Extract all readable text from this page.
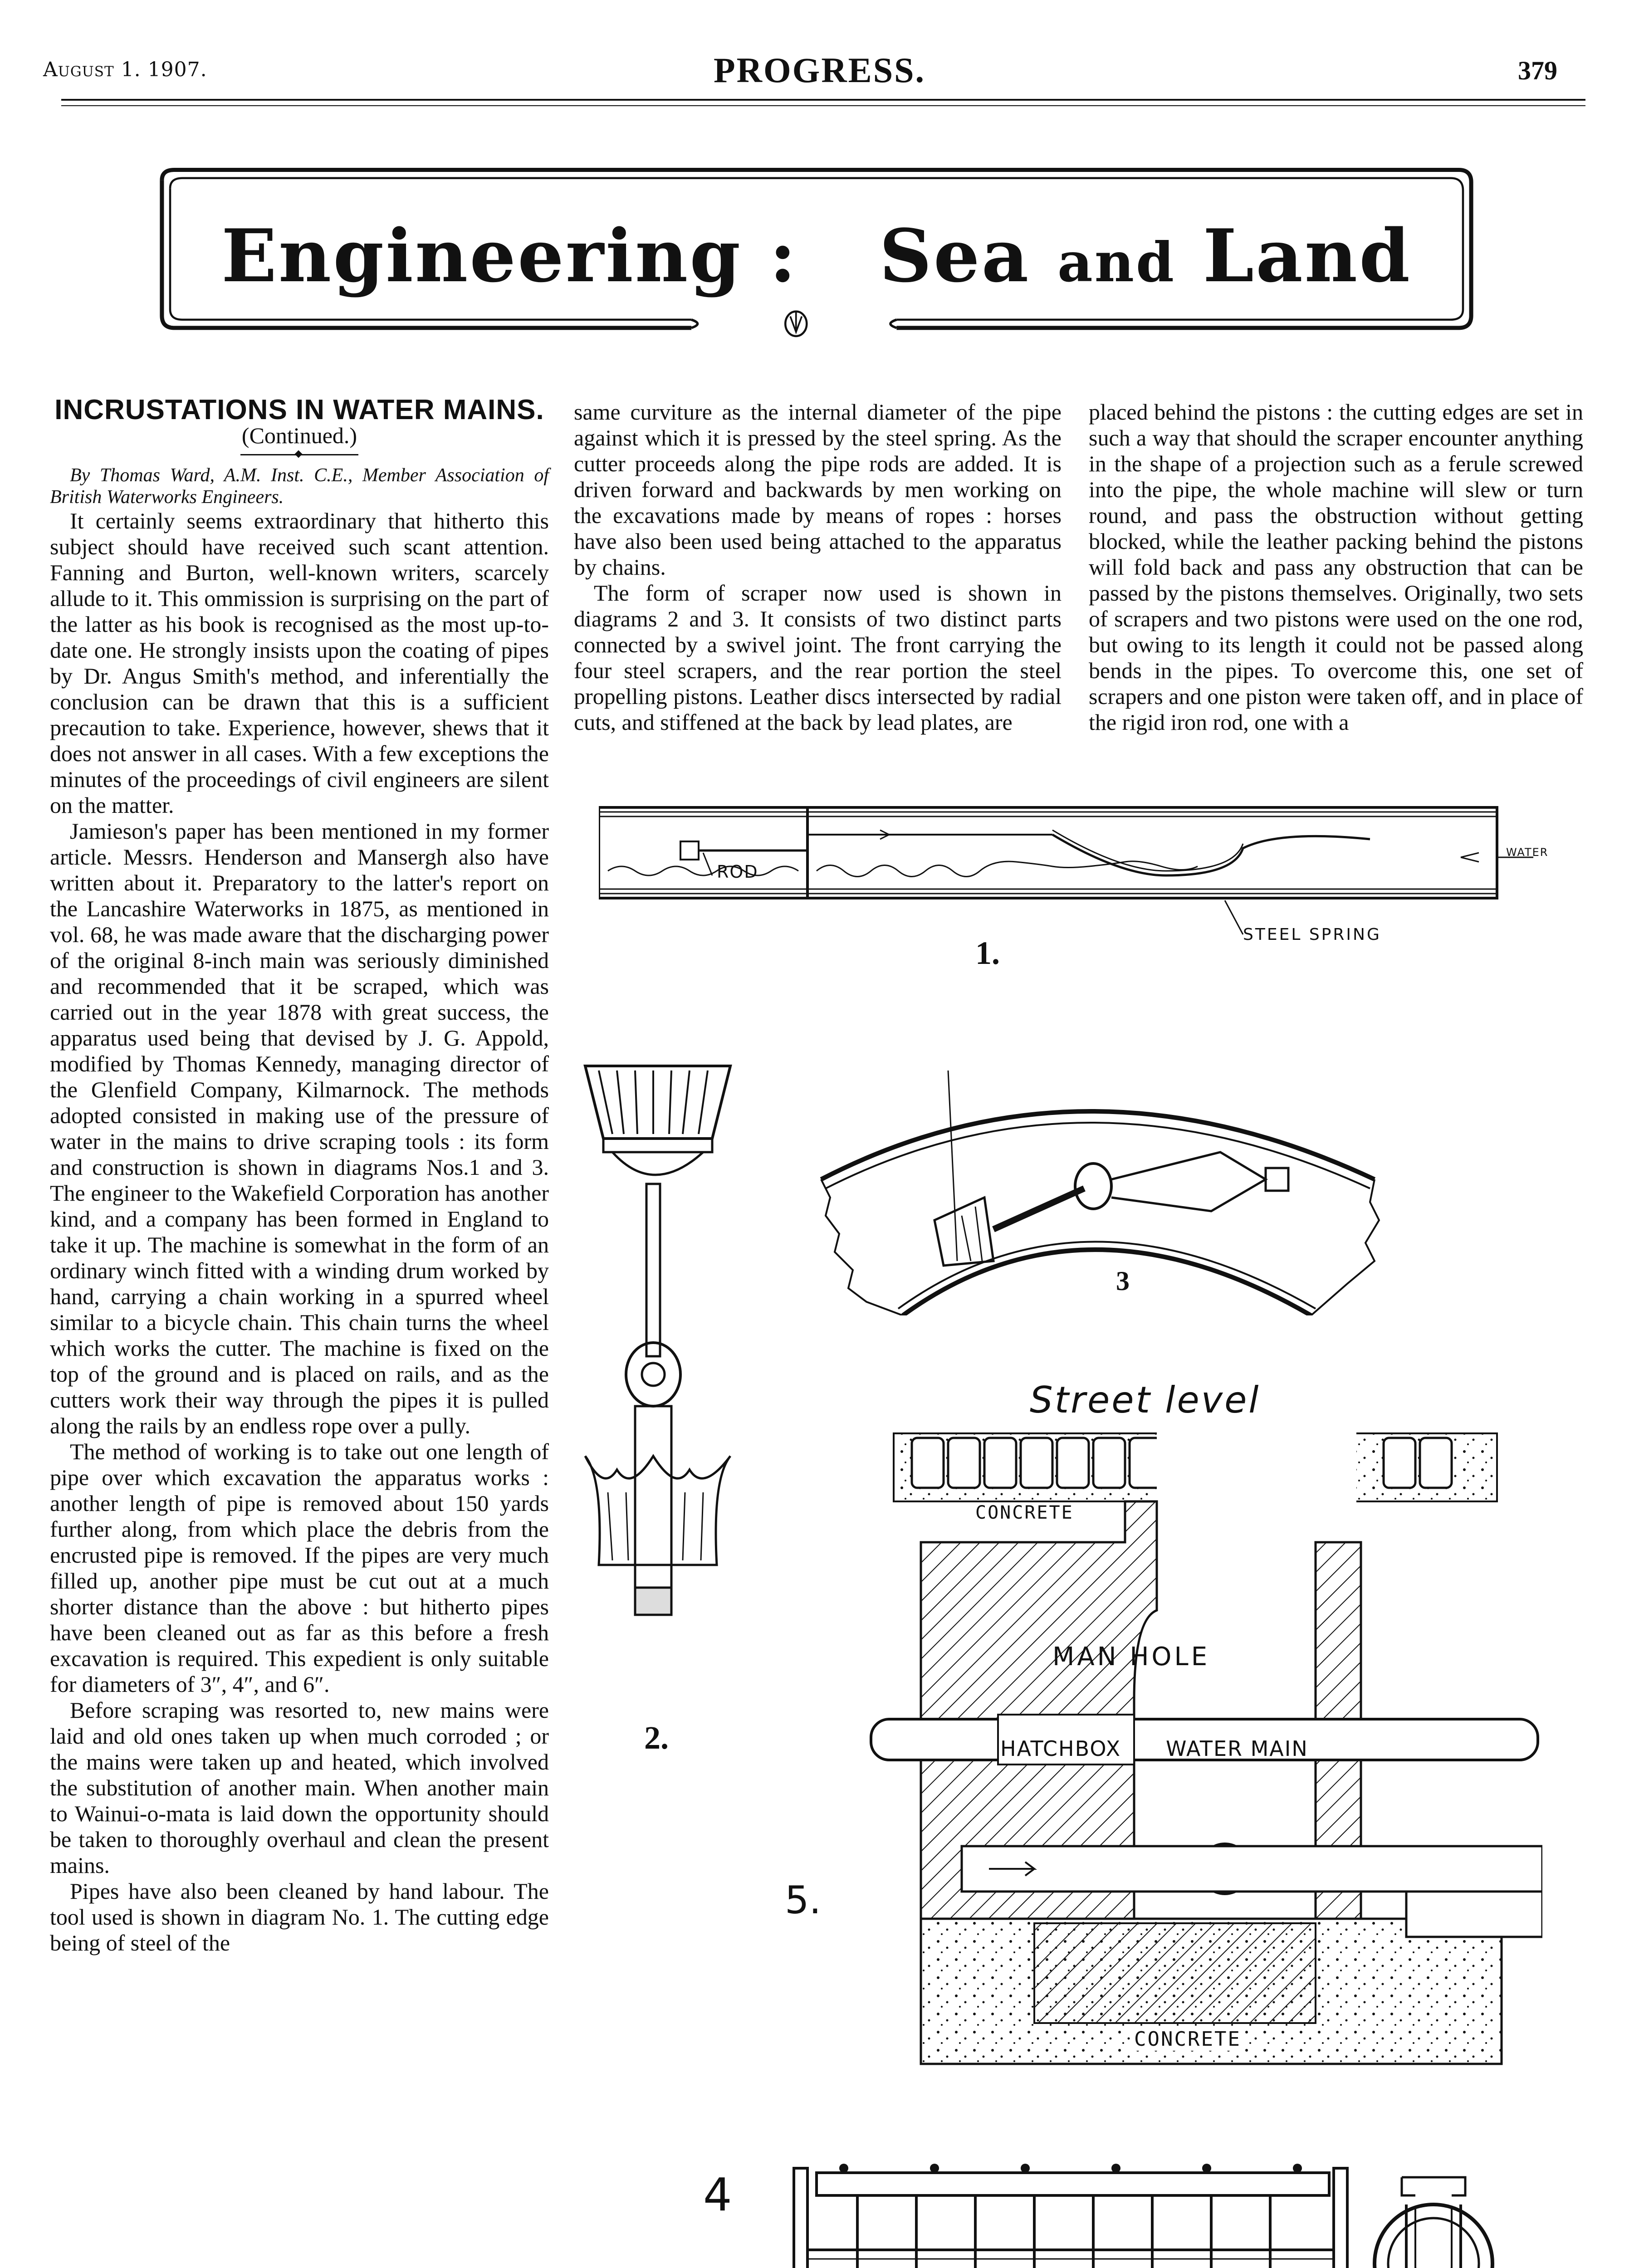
August 1. 1907.	PROGRESS.	379
Engineering : Sea and Land
INCRUSTATIONS IN WATER MAINS.

(Continued.)

By Thomas Ward, A.M. Inst. C.E., Member Association of British Waterworks Engineers.

It certainly seems extraordinary that hitherto this subject should have received such scant attention. Fanning and Burton, well-known writers, scarcely allude to it. This ommission is surprising on the part of the latter as his book is recognised as the most up-to-date one. He strongly insists upon the coating of pipes by Dr. Angus Smith's method, and inferentially the conclusion can be drawn that this is a sufficient precaution to take. Experience, however, shews that it does not answer in all cases. With a few exceptions the minutes of the proceedings of civil engineers are silent on the matter.

Jamieson's paper has been mentioned in my former article. Messrs. Henderson and Mansergh also have written about it. Preparatory to the latter's report on the Lancashire Waterworks in 1875, as mentioned in vol. 68, he was made aware that the discharging power of the original 8-inch main was seriously diminished and recommended that it be scraped, which was carried out in the year 1878 with great success, the apparatus used being that devised by J. G. Appold, modified by Thomas Kennedy, managing director of the Glenfield Company, Kilmarnock. The methods adopted consisted in making use of the pressure of water in the mains to drive scraping tools : its form and construction is shown in diagrams Nos.1 and 3. The engineer to the Wakefield Corporation has another kind, and a company has been formed in England to take it up. The machine is somewhat in the form of an ordinary winch fitted with a winding drum worked by hand, carrying a chain working in a spurred wheel similar to a bicycle chain. This chain turns the wheel which works the cutter. The machine is fixed on the top of the ground and is placed on rails, and as the cutters work their way through the pipes it is pulled along the rails by an endless rope over a pully.

The method of working is to take out one length of pipe over which excavation the apparatus works : another length of pipe is removed about 150 yards further along, from which place the debris from the encrusted pipe is removed. If the pipes are very much filled up, another pipe must be cut out at a much shorter distance than the above : but hitherto pipes have been cleaned out as far as this before a fresh excavation is required. This expedient is only suitable for diameters of 3″, 4″, and 6″.

Before scraping was resorted to, new mains were laid and old ones taken up when much corroded ; or the mains were taken up and heated, which involved the substitution of another main. When another main to Wainui-o-mata is laid down the opportunity should be taken to thoroughly overhaul and clean the present mains.

Pipes have also been cleaned by hand labour. The tool used is shown in diagram No. 1. The cutting edge being of steel of the

same curviture as the internal diameter of the pipe against which it is pressed by the steel spring. As the cutter proceeds along the pipe rods are added. It is driven forward and backwards by men working on the excavations made by means of ropes : horses have also been used being attached to the apparatus by chains.

The form of scraper now used is shown in diagrams 2 and 3. It consists of two distinct parts connected by a swivel joint. The front carrying the four steel scrapers, and the rear portion the steel propelling pistons. Leather discs intersected by radial cuts, and stiffened at the back by lead plates, are

placed behind the pistons : the cutting edges are set in such a way that should the scraper encounter anything in the shape of a projection such as a ferule screwed into the pipe, the whole machine will slew or turn round, and pass the obstruction without getting blocked, while the leather packing behind the pistons will fold back and pass any obstruction that can be passed by the pistons themselves. Originally, two sets of scrapers and two pistons were used on the one rod, but owing to its length it could not be passed along bends in the pipes. To overcome this, one set of scrapers and one piston were taken off, and in place of the rigid iron rod, one with a

ROD
WATER
STEEL SPRING
1.
2.
3
Street level
CONCRETE
MAN HOLE
HATCHBOX WATER MAIN
CONCRETE
5.
4
